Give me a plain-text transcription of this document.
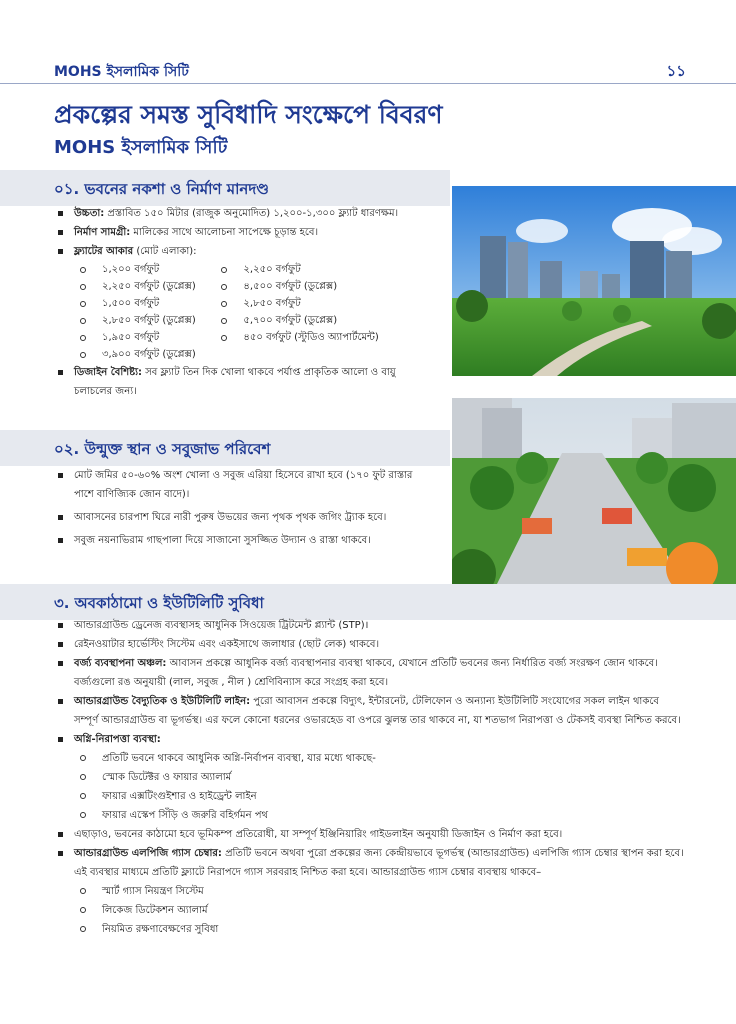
MOHS ইসলামিক সিটি	১১
প্রকল্পের সমস্ত সুবিধাদি সংক্ষেপে বিবরণ
MOHS ইসলামিক সিটি
০১. ভবনের নকশা ও নির্মাণ মানদণ্ড
উচ্চতা: প্রস্তাবিত ১৫০ মিটার (রাজুক অনুমোদিত) ১,২০০-১,৩০০ ফ্ল্যাট ধারণক্ষম।
নির্মাণ সামগ্রী: মালিকের সাথে আলোচনা সাপেক্ষে চূড়ান্ত হবে।
ফ্ল্যাটের আকার (মোট এলাকা):
১,২০০ বর্গফুট
২,২৫০ বর্গফুট (ডুপ্লেক্স)
১,৫০০ বর্গফুট
২,৮৫০ বর্গফুট (ডুপ্লেক্স)
১,৯৫০ বর্গফুট
৩,৯০০ বর্গফুট (ডুপ্লেক্স)
২,২৫০ বর্গফুট
৪,৫০০ বর্গফুট (ডুপ্লেক্স)
২,৮৫০ বর্গফুট
৫,৭০০ বর্গফুট (ডুপ্লেক্স)
৪৫০ বর্গফুট (স্টুডিও অ্যাপার্টমেন্ট)
ডিজাইন বৈশিষ্ট্য: সব ফ্ল্যাট তিন দিক খোলা থাকবে পর্যাপ্ত প্রাকৃতিক আলো ও বায়ু চলাচলের জন্য।
০২. উন্মুক্ত স্থান ও সবুজাভ পরিবেশ
মোট জমির ৫০-৬০% অংশ খোলা ও সবুজ এরিয়া হিসেবে রাখা হবে (১৭০ ফুট রাস্তার পাশে বাণিজ্যিক জোন বাদে)।
আবাসনের চারপাশ ঘিরে নারী পুরুষ উভয়ের জন্য পৃথক পৃথক জগিং ট্র্যাক হবে।
সবুজ নয়নাভিরাম গাছপালা দিয়ে সাজানো সুসজ্জিত উদ্যান ও রাস্তা থাকবে।
৩. অবকাঠামো ও ইউটিলিটি সুবিধা
আন্ডারগ্রাউন্ড ড্রেনেজ ব্যবস্থাসহ আধুনিক সিওয়েজ ট্রিটমেন্ট প্ল্যান্ট (STP)।
রেইনওয়াটার হার্ভেস্টিং সিস্টেম এবং একইসাথে জলাধার (ছোট লেক) থাকবে।
বর্জ্য ব্যবস্থাপনা অঞ্চল: আবাসন প্রকল্পে আধুনিক বর্জ্য ব্যবস্থাপনার ব্যবস্থা থাকবে, যেখানে প্রতিটি ভবনের জন্য নির্ধারিত বর্জ্য সংরক্ষণ জোন থাকবে। বর্জ্যগুলো রঙ অনুযায়ী (লাল, সবুজ , নীল ) শ্রেণিবিন্যাস করে সংগ্রহ করা হবে।
আন্ডারগ্রাউন্ড বৈদ্যুতিক ও ইউটিলিটি লাইন: পুরো আবাসন প্রকল্পে বিদ্যুৎ, ইন্টারনেট, টেলিফোন ও অন্যান্য ইউটিলিটি সংযোগের সকল লাইন থাকবে সম্পূর্ণ আন্ডারগ্রাউন্ড বা ভূগর্ভস্থ। এর ফলে কোনো ধরনের ওভারহেড বা ওপরে ঝুলন্ত তার থাকবে না, যা শতভাগ নিরাপত্তা ও টেকসই ব্যবস্থা নিশ্চিত করবে।
অগ্নি-নিরাপত্তা ব্যবস্থা:
প্রতিটি ভবনে থাকবে আধুনিক অগ্নি-নির্বাপন ব্যবস্থা, যার মধ্যে থাকছে-
স্মোক ডিটেক্টর ও ফায়ার অ্যালার্ম
ফায়ার এক্সটিংগুইশার ও হাইড্রেন্ট লাইন
ফায়ার এস্কেপ সিঁড়ি ও জরুরি বহির্গমন পথ
এছাড়াও, ভবনের কাঠামো হবে ভূমিকম্প প্রতিরোধী, যা সম্পূর্ণ ইঞ্জিনিয়ারিং গাইডলাইন অনুযায়ী ডিজাইন ও নির্মাণ করা হবে।
আন্ডারগ্রাউন্ড এলপিজি গ্যাস চেম্বার: প্রতিটি ভবনে অথবা পুরো প্রকল্পের জন্য কেন্দ্রীয়ভাবে ভূগর্ভস্থ (আন্ডারগ্রাউন্ড) এলপিজি গ্যাস চেম্বার স্থাপন করা হবে। এই ব্যবস্থার মাধ্যমে প্রতিটি ফ্ল্যাটে নিরাপদে গ্যাস সরবরাহ নিশ্চিত করা হবে। আন্ডারগ্রাউন্ড গ্যাস চেম্বার ব্যবস্থায় থাকবে–
স্মার্ট গ্যাস নিয়ন্ত্রণ সিস্টেম
লিকেজ ডিটেকশন অ্যালার্ম
নিয়মিত রক্ষণাবেক্ষণের সুবিধা
